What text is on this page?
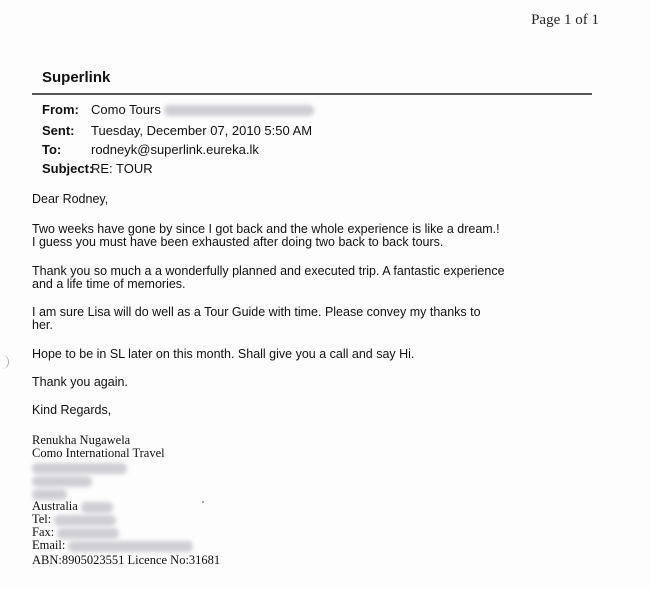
Page 1 of 1
Superlink
From: Como Tours
Sent: Tuesday, December 07, 2010 5:50 AM
To: rodneyk@superlink.eureka.lk
Subject:
RE: TOUR
Dear Rodney,
Two weeks have gone by since I got back and the whole experience is like a dream.!
I guess you must have been exhausted after doing two back to back tours.
Thank you so much a a wonderfully planned and executed trip. A fantastic experience
and a life time of memories.
I am sure Lisa will do well as a Tour Guide with time. Please convey my thanks to
her.
Hope to be in SL later on this month. Shall give you a call and say Hi.
Thank you again.
Kind Regards,
Renukha Nugawela
Como International Travel
Australia
Tel:
Fax:
Email:
ABN:8905023551 Licence No:31681
